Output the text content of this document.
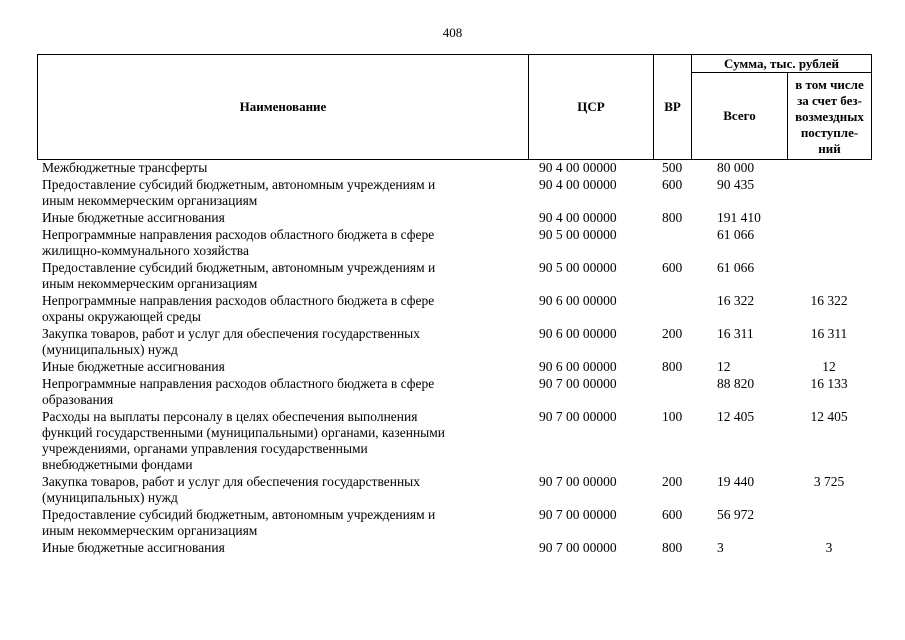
408
Наименование	ЦСР	ВР	Сумма, тыс. рублей	
			Всего	в том числе
за счет без-
возмездных
поступле-
ний
Межбюджетные трансферты	90 4 00 00000	500	80 000	

Предоставление субсидий бюджетным, автономным учреждениям и
иным некоммерческим организациям	90 4 00 00000	600	90 435	

Иные бюджетные ассигнования	90 4 00 00000	800	191 410	

Непрограммные направления расходов областного бюджета в сфере
жилищно-коммунального хозяйства	90 5 00 00000		61 066	

Предоставление субсидий бюджетным, автономным учреждениям и
иным некоммерческим организациям	90 5 00 00000	600	61 066	

Непрограммные направления расходов областного бюджета в сфере
охраны окружающей среды	90 6 00 00000		16 322	16 322

Закупка товаров, работ и услуг для обеспечения государственных
(муниципальных) нужд	90 6 00 00000	200	16 311	16 311

Иные бюджетные ассигнования	90 6 00 00000	800	12	12

Непрограммные направления расходов областного бюджета в сфере
образования	90 7 00 00000		88 820	16 133

Расходы на выплаты персоналу в целях обеспечения выполнения
функций государственными (муниципальными) органами, казенными
учреждениями, органами управления государственными
внебюджетными фондами	90 7 00 00000	100	12 405	12 405

Закупка товаров, работ и услуг для обеспечения государственных
(муниципальных) нужд	90 7 00 00000	200	19 440	3 725

Предоставление субсидий бюджетным, автономным учреждениям и
иным некоммерческим организациям	90 7 00 00000	600	56 972	

Иные бюджетные ассигнования	90 7 00 00000	800	3	3
